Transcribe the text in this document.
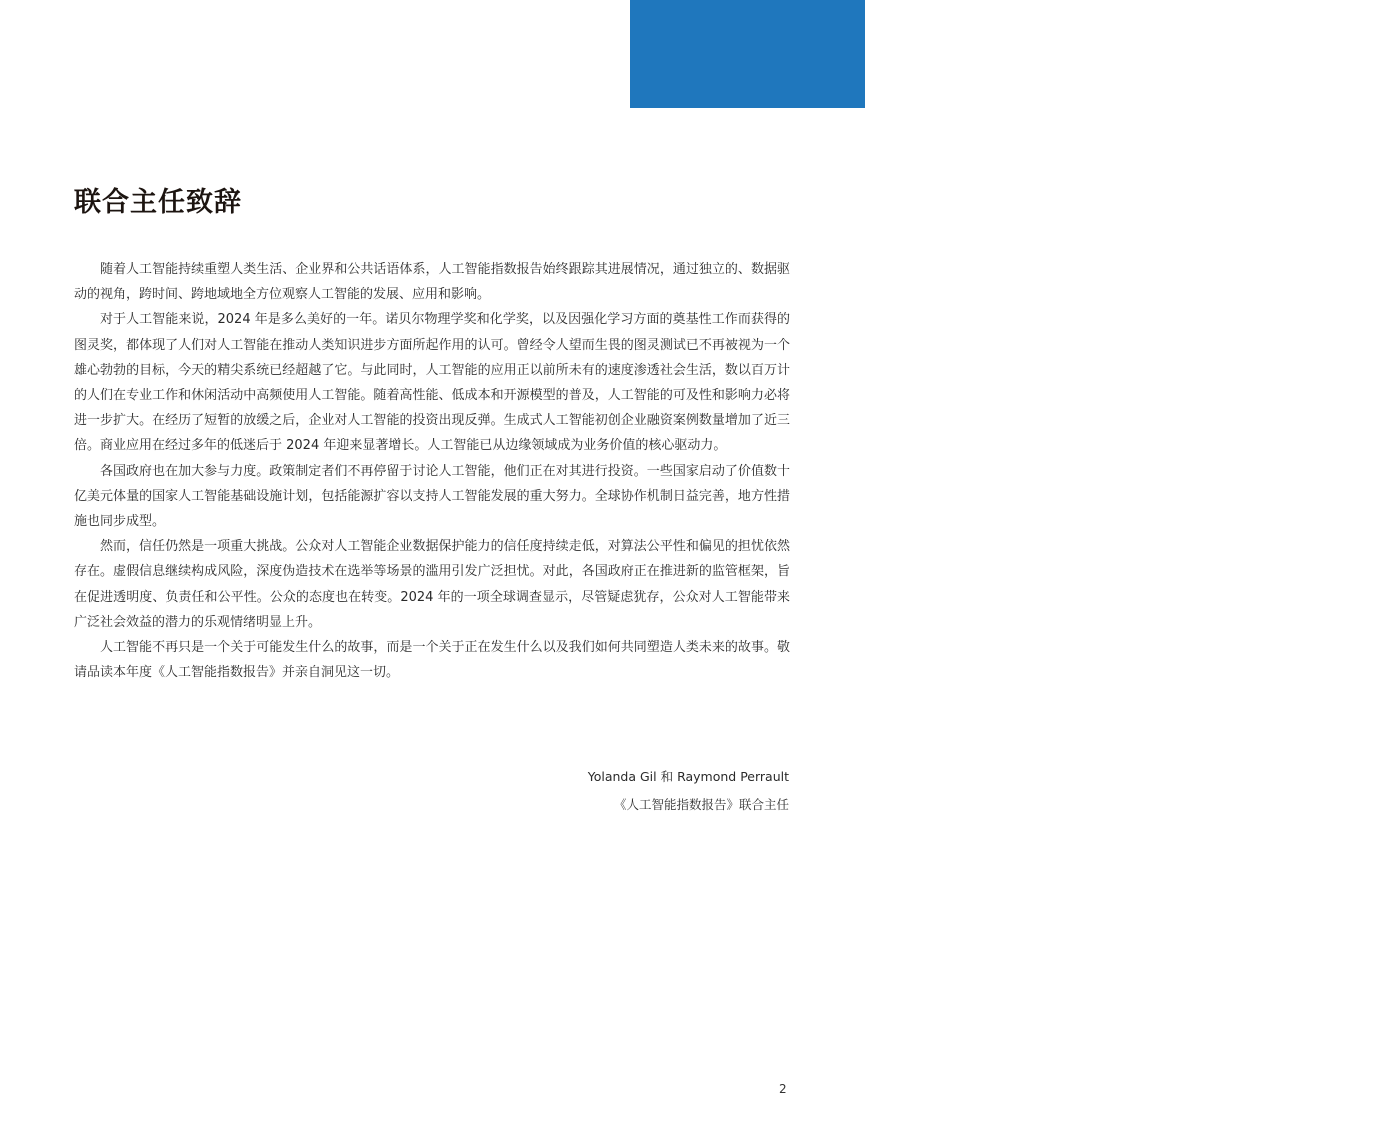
2025年人工智能
指数报告
联合主任致辞

随着人工智能持续重塑人类生活、企业界和公共话语体系，人工智能指数报告始终跟踪其进展情况，通过独立的、数据驱动的视角，跨时间、跨地域地全方位观察人工智能的发展、应用和影响。

对于人工智能来说，2024 年是多么美好的一年。诺贝尔物理学奖和化学奖，以及因强化学习方面的奠基性工作而获得的图灵奖，都体现了人们对人工智能在推动人类知识进步方面所起作用的认可。曾经令人望而生畏的图灵测试已不再被视为一个雄心勃勃的目标，今天的精尖系统已经超越了它。与此同时，人工智能的应用正以前所未有的速度渗透社会生活，数以百万计的人们在专业工作和休闲活动中高频使用人工智能。随着高性能、低成本和开源模型的普及，人工智能的可及性和影响力必将进一步扩大。在经历了短暂的放缓之后，企业对人工智能的投资出现反弹。生成式人工智能初创企业融资案例数量增加了近三倍。商业应用在经过多年的低迷后于 2024 年迎来显著增长。人工智能已从边缘领域成为业务价值的核心驱动力。

各国政府也在加大参与力度。政策制定者们不再停留于讨论人工智能，他们正在对其进行投资。一些国家启动了价值数十亿美元体量的国家人工智能基础设施计划，包括能源扩容以支持人工智能发展的重大努力。全球协作机制日益完善，地方性措施也同步成型。

然而，信任仍然是一项重大挑战。公众对人工智能企业数据保护能力的信任度持续走低，对算法公平性和偏见的担忧依然存在。虚假信息继续构成风险，深度伪造技术在选举等场景的滥用引发广泛担忧。对此，各国政府正在推进新的监管框架，旨在促进透明度、负责任和公平性。公众的态度也在转变。2024 年的一项全球调查显示，尽管疑虑犹存，公众对人工智能带来广泛社会效益的潜力的乐观情绪明显上升。

人工智能不再只是一个关于可能发生什么的故事，而是一个关于正在发生什么以及我们如何共同塑造人类未来的故事。敬请品读本年度《人工智能指数报告》并亲自洞见这一切。

Yolanda Gil 和 Raymond Perrault
《人工智能指数报告》联合主任
2
